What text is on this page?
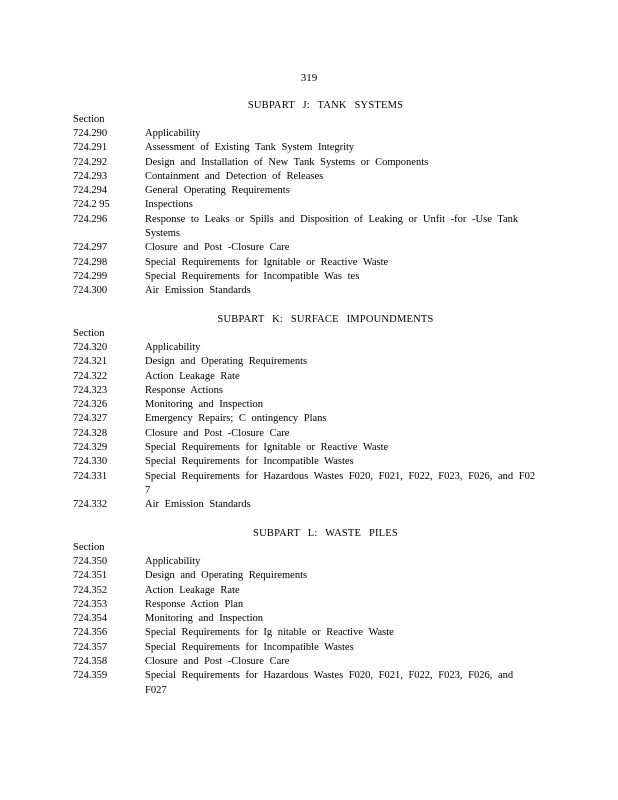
319
SUBPART J: TANK SYSTEMS
Section
724.290	Applicability
724.291	Assessment of Existing Tank System Integrity
724.292	Design and Installation of New Tank Systems or Components
724.293	Containment and Detection of Releases
724.294	General Operating Requirements
724.2 95	Inspections
724.296	Response to Leaks or Spills and Disposition of Leaking or Unfit -for -Use Tank Systems
724.297	Closure and Post -Closure Care
724.298	Special Requirements for Ignitable or Reactive Waste
724.299	Special Requirements for Incompatible Was tes
724.300	Air Emission Standards
SUBPART K: SURFACE IMPOUNDMENTS
Section
724.320	Applicability
724.321	Design and Operating Requirements
724.322	Action Leakage Rate
724.323	Response Actions
724.326	Monitoring and Inspection
724.327	Emergency Repairs; C ontingency Plans
724.328	Closure and Post -Closure Care
724.329	Special Requirements for Ignitable or Reactive Waste
724.330	Special Requirements for Incompatible Wastes
724.331	Special Requirements for Hazardous Wastes F020, F021, F022, F023, F026, and F02 7
724.332	Air Emission Standards
SUBPART L: WASTE PILES
Section
724.350	Applicability
724.351	Design and Operating Requirements
724.352	Action Leakage Rate
724.353	Response Action Plan
724.354	Monitoring and Inspection
724.356	Special Requirements for Ig nitable or Reactive Waste
724.357	Special Requirements for Incompatible Wastes
724.358	Closure and Post -Closure Care
724.359	Special Requirements for Hazardous Wastes F020, F021, F022, F023, F026, and F027
